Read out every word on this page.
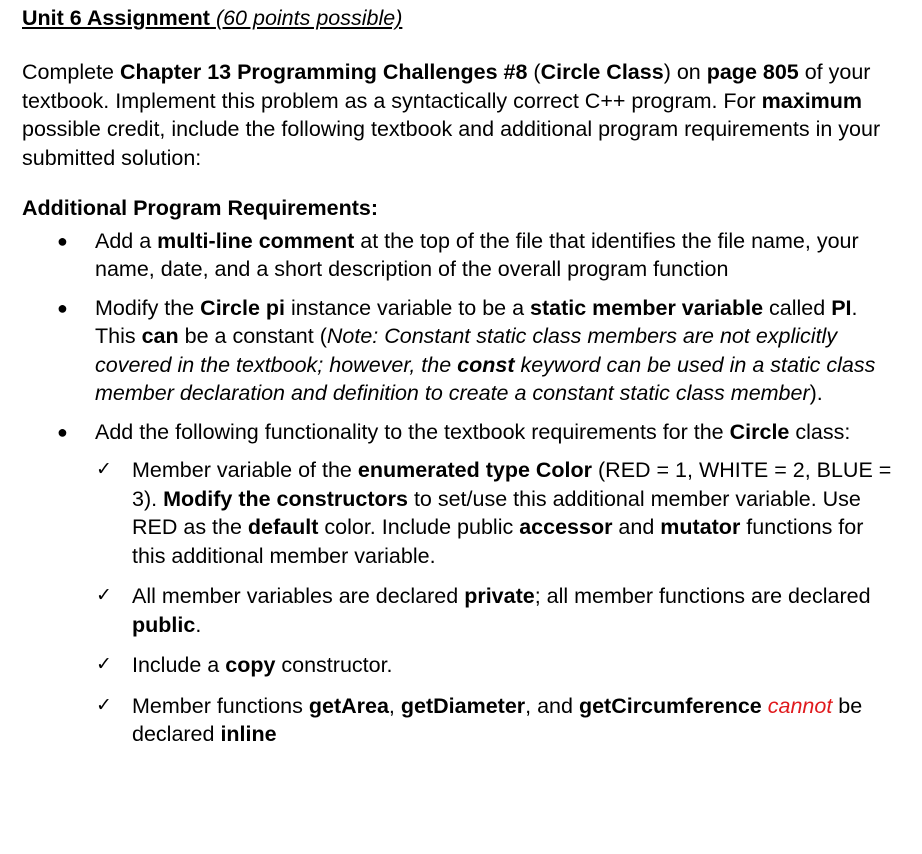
Unit 6 Assignment (60 points possible)

Complete Chapter 13 Programming Challenges #8 (Circle Class) on page 805 of your textbook. Implement this problem as a syntactically correct C++ program. For maximum possible credit, include the following textbook and additional program requirements in your submitted solution:

Additional Program Requirements:

● Add a multi-line comment at the top of the file that identifies the file name, your name, date, and a short description of the overall program function
● Modify the Circle pi instance variable to be a static member variable called PI. This can be a constant (Note: Constant static class members are not explicitly covered in the textbook; however, the const keyword can be used in a static class member declaration and definition to create a constant static class member).
● Add the following functionality to the textbook requirements for the Circle class:
✓ Member variable of the enumerated type Color (RED = 1, WHITE = 2, BLUE = 3). Modify the constructors to set/use this additional member variable. Use RED as the default color. Include public accessor and mutator functions for this additional member variable.
✓ All member variables are declared private; all member functions are declared public.
✓ Include a copy constructor.
✓ Member functions getArea, getDiameter, and getCircumference cannot be declared inline
